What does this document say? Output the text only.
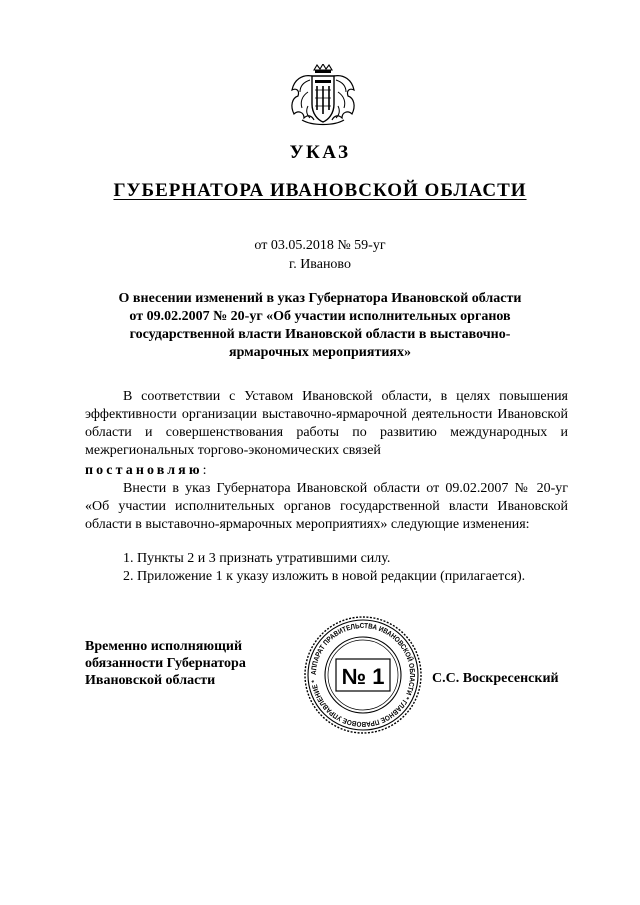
УКАЗ
ГУБЕРНАТОРА ИВАНОВСКОЙ ОБЛАСТИ
от 03.05.2018 № 59-уг
г. Иваново
О внесении изменений в указ Губернатора Ивановской области
от 09.02.2007 № 20-уг «Об участии исполнительных органов
государственной власти Ивановской области в выставочно-
ярмарочных мероприятиях»
В соответствии с Уставом Ивановской области, в целях повышения эффективности организации выставочно-ярмарочной деятельности Ивановской области и совершенствования работы по развитию международных и межрегиональных торгово-экономических связей
постановляю:
Внести в указ Губернатора Ивановской области от 09.02.2007 № 20-уг «Об участии исполнительных органов государственной власти Ивановской области в выставочно-ярмарочных мероприятиях» следующие изменения:
1. Пункты 2 и 3 признать утратившими силу.
2. Приложение 1 к указу изложить в новой редакции (прилагается).
Временно исполняющий
обязанности Губернатора
Ивановской области
АППАРАТ ПРАВИТЕЛЬСТВА ИВАНОВСКОЙ ОБЛАСТИ * ГЛАВНОЕ ПРАВОВОЕ УПРАВЛЕНИЕ *	№ 1	С.С. Воскресенский
